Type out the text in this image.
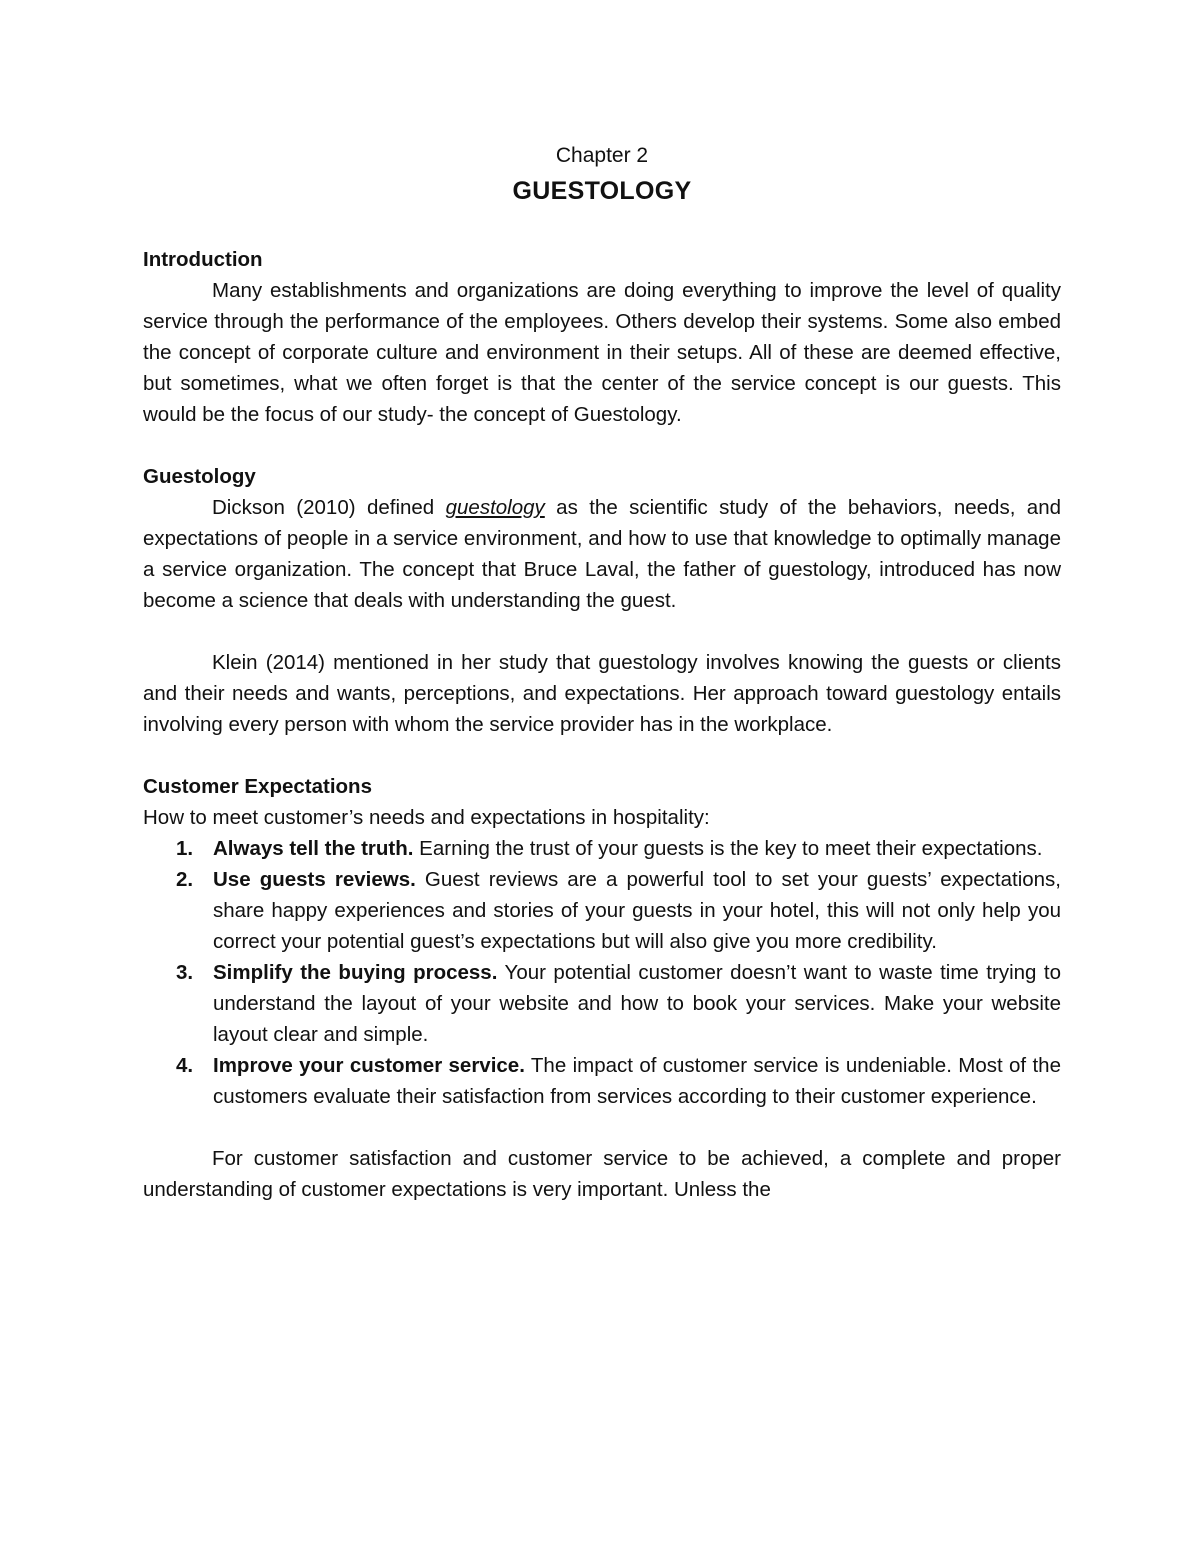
Chapter 2
GUESTOLOGY
Introduction

Many establishments and organizations are doing everything to improve the level of quality service through the performance of the employees. Others develop their systems. Some also embed the concept of corporate culture and environment in their setups. All of these are deemed effective, but sometimes, what we often forget is that the center of the service concept is our guests. This would be the focus of our study- the concept of Guestology.

Guestology

Dickson (2010) defined guestology as the scientific study of the behaviors, needs, and expectations of people in a service environment, and how to use that knowledge to optimally manage a service organization. The concept that Bruce Laval, the father of guestology, introduced has now become a science that deals with understanding the guest.

Klein (2014) mentioned in her study that guestology involves knowing the guests or clients and their needs and wants, perceptions, and expectations. Her approach toward guestology entails involving every person with whom the service provider has in the workplace.

Customer Expectations

How to meet customer’s needs and expectations in hospitality:

1. Always tell the truth. Earning the trust of your guests is the key to meet their expectations.
2. Use guests reviews. Guest reviews are a powerful tool to set your guests’ expectations, share happy experiences and stories of your guests in your hotel, this will not only help you correct your potential guest’s expectations but will also give you more credibility.
3. Simplify the buying process. Your potential customer doesn’t want to waste time trying to understand the layout of your website and how to book your services. Make your website layout clear and simple.
4. Improve your customer service. The impact of customer service is undeniable. Most of the customers evaluate their satisfaction from services according to their customer experience.

For customer satisfaction and customer service to be achieved, a complete and proper understanding of customer expectations is very important. Unless the
